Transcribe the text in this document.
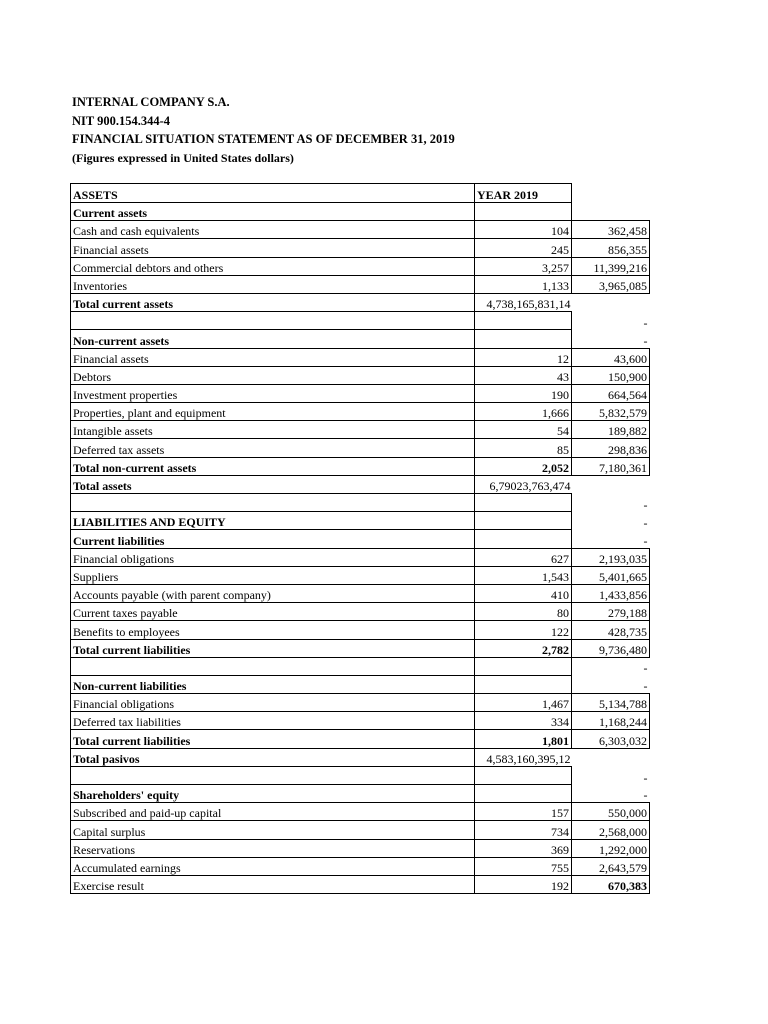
INTERNAL COMPANY S.A.
NIT 900.154.344-4
FINANCIAL SITUATION STATEMENT AS OF DECEMBER 31, 2019
(Figures expressed in United States dollars)
ASSETS	YEAR 2019	
Current assets		
Cash and cash equivalents	104	362,458
Financial assets	245	856,355
Commercial debtors and others	3,257	11,399,216
Inventories	1,133	3,965,085
Total current assets	4,738,165,831,14	
		-
Non-current assets		-
Financial assets	12	43,600
Debtors	43	150,900
Investment properties	190	664,564
Properties, plant and equipment	1,666	5,832,579
Intangible assets	54	189,882
Deferred tax assets	85	298,836
Total non-current assets	2,052	7,180,361
Total assets	6,79023,763,474	
		-
LIABILITIES AND EQUITY		-
Current liabilities		-
Financial obligations	627	2,193,035
Suppliers	1,543	5,401,665
Accounts payable (with parent company)	410	1,433,856
Current taxes payable	80	279,188
Benefits to employees	122	428,735
Total current liabilities	2,782	9,736,480
		-
Non-current liabilities		-
Financial obligations	1,467	5,134,788
Deferred tax liabilities	334	1,168,244
Total current liabilities	1,801	6,303,032
Total pasivos	4,583,160,395,12	
		-
Shareholders' equity		-
Subscribed and paid-up capital	157	550,000
Capital surplus	734	2,568,000
Reservations	369	1,292,000
Accumulated earnings	755	2,643,579
Exercise result	192	670,383
